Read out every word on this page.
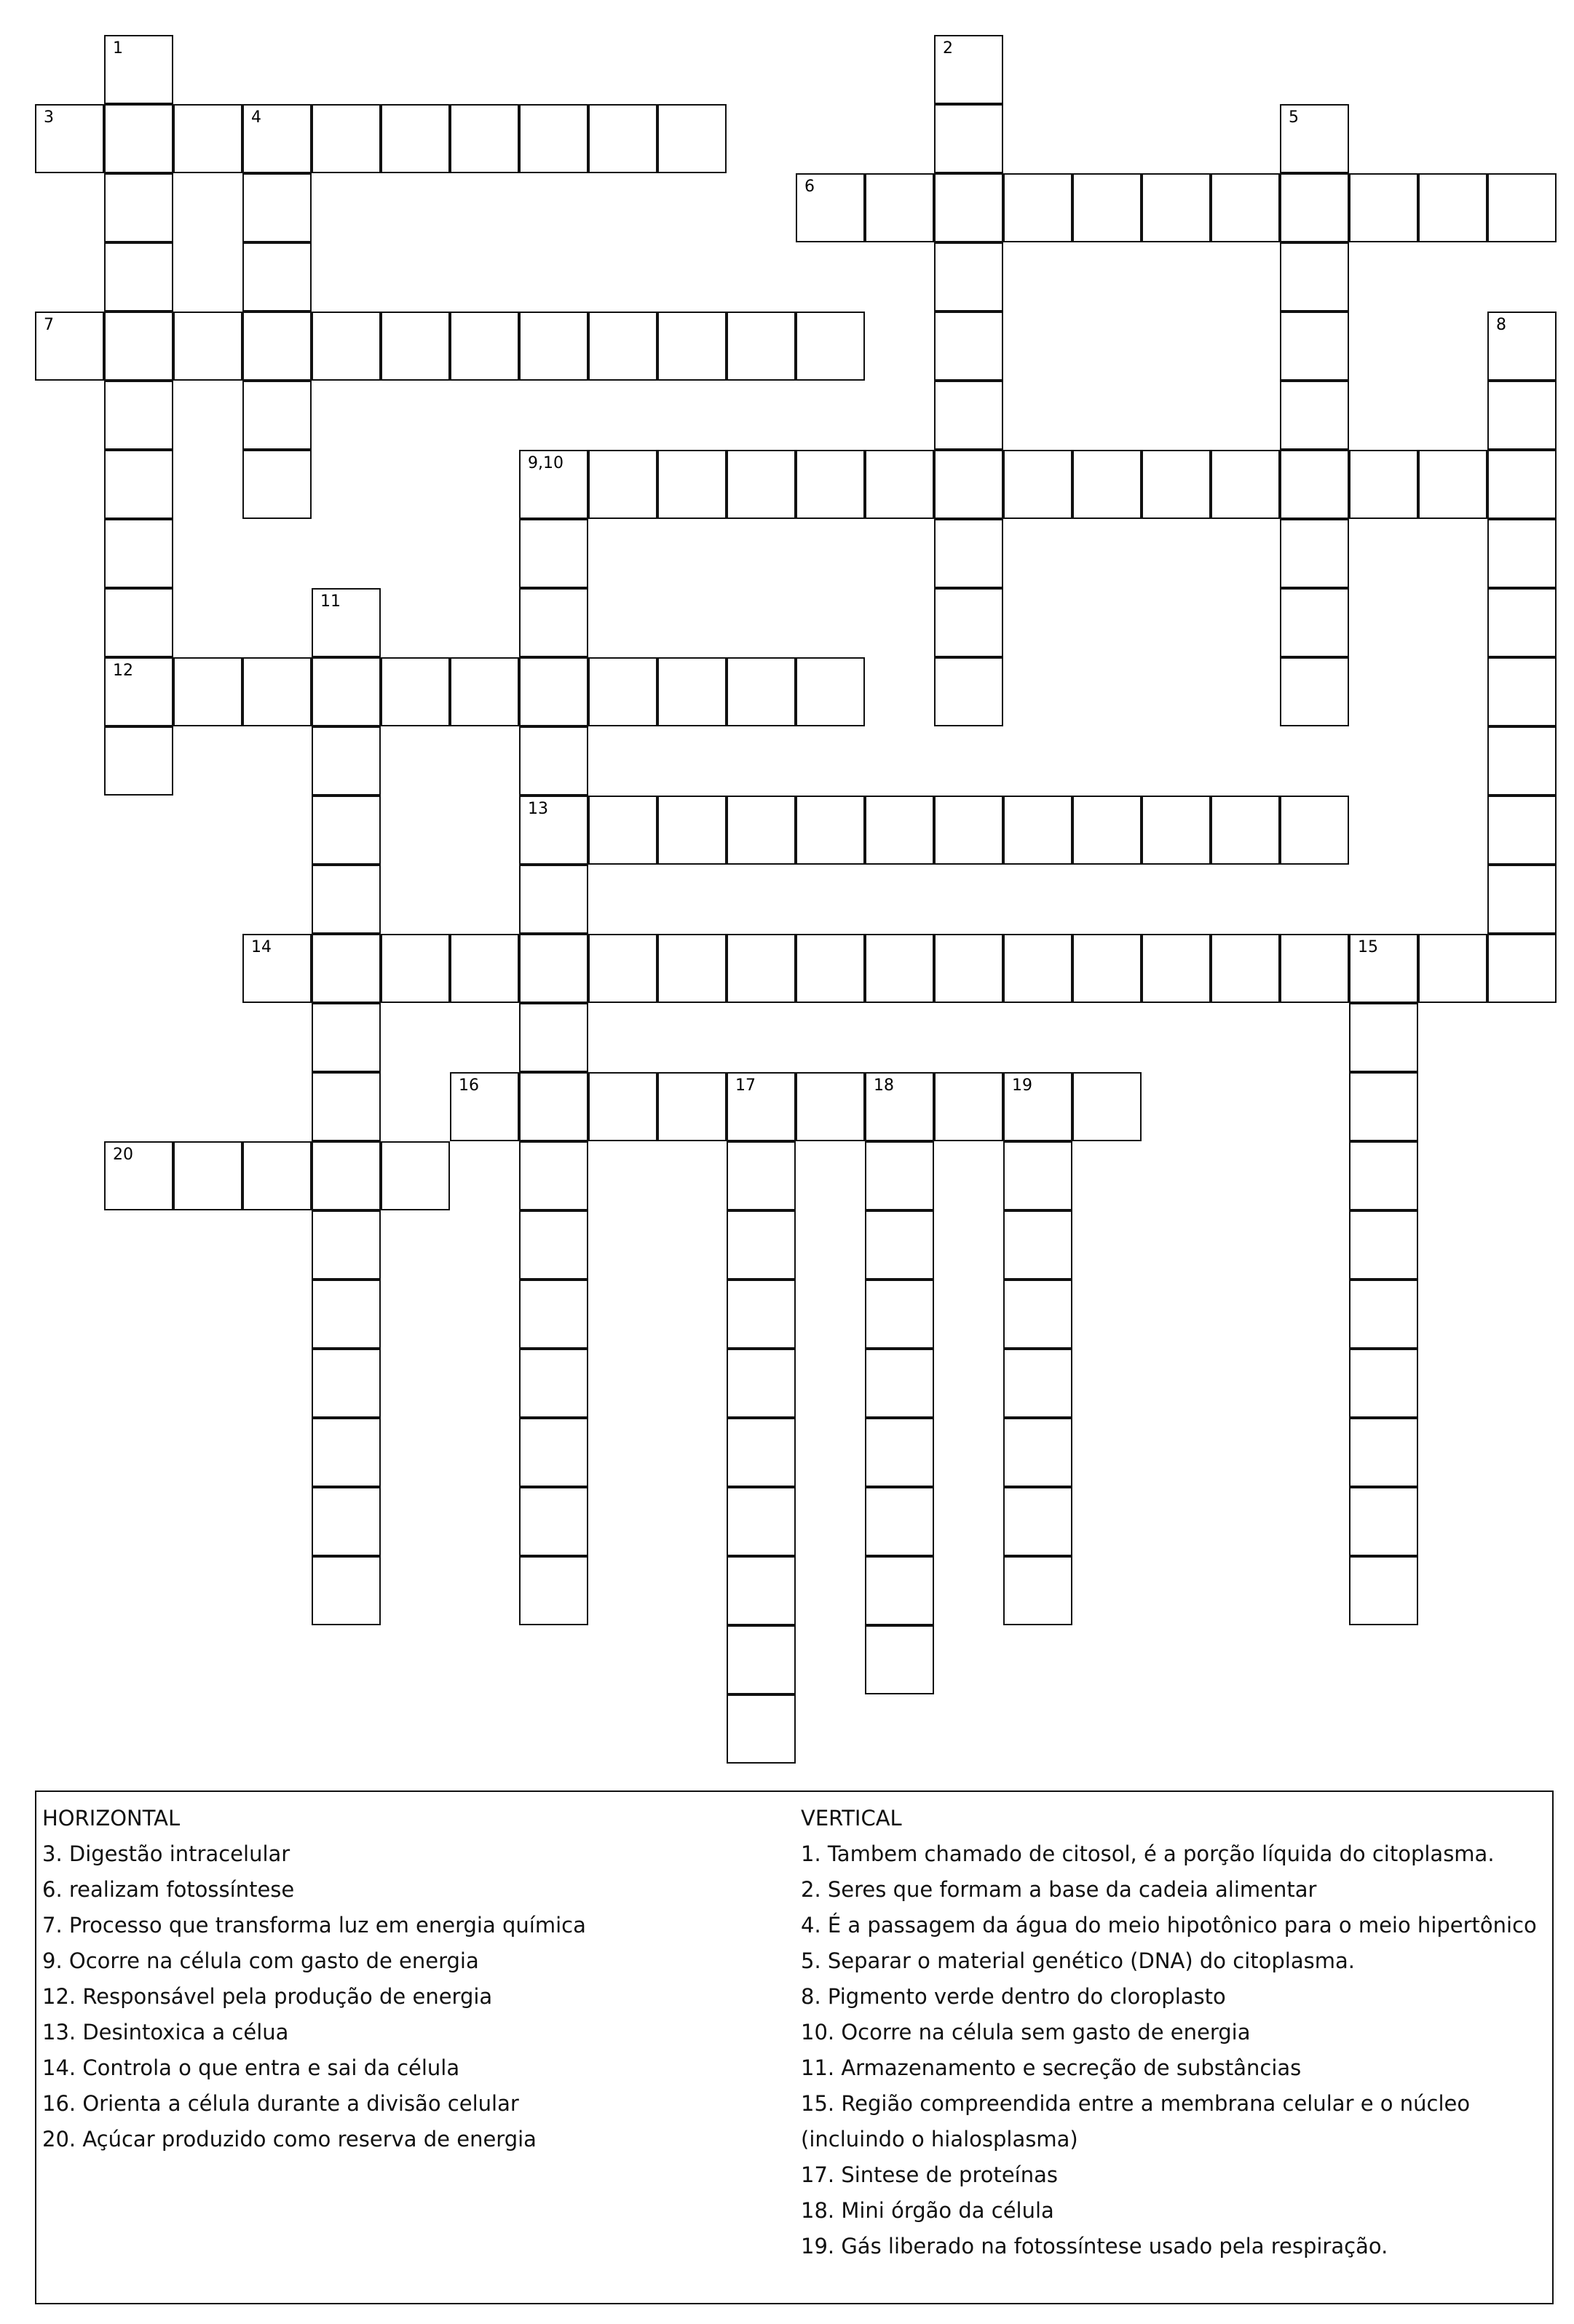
3	4
6
7
9,10
12
13
14	15
16	17	18	19
20
1	2
5
8
11
HORIZONTAL
3. Digestão intracelular
6. realizam fotossíntese
7. Processo que transforma luz em energia química
9. Ocorre na célula com gasto de energia
12. Responsável pela produção de energia
13. Desintoxica a célua
14. Controla o que entra e sai da célula
16. Orienta a célula durante a divisão celular
20. Açúcar produzido como reserva de energia
VERTICAL
1. Tambem chamado de citosol, é a porção líquida do citoplasma.
2. Seres que formam a base da cadeia alimentar
4. É a passagem da água do meio hipotônico para o meio hipertônico
5. Separar o material genético (DNA) do citoplasma.
8. Pigmento verde dentro do cloroplasto
10. Ocorre na célula sem gasto de energia
11. Armazenamento e secreção de substâncias
15. Região compreendida entre a membrana celular e o núcleo (incluindo o hialosplasma)
17. Sintese de proteínas
18. Mini órgão da célula
19. Gás liberado na fotossíntese usado pela respiração.
